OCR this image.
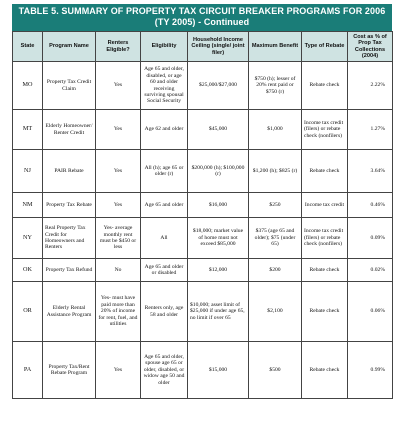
TABLE 5. SUMMARY OF PROPERTY TAX CIRCUIT BREAKER PROGRAMS FOR 2006
(TY 2005) - Continued
State	Program Name	Renters Eligible?	Eligibility	Household Income Ceiling (single/ joint filer)	Maximum Benefit	Type of Rebate	Cost as % of Prop Tax Collections (2004)
MO	Property Tax Credit Claim	Yes	Age 65 and older, disabled, or age 60 and older receiving surviving spousal Social Security	$25,000/$27,000	$750 (h); lesser of 20% rent paid or $750 (r)	Rebate check	2.22%
MT	Elderly Homeowner/ Renter Credit	Yes	Age 62 and older	$45,000	$1,000	Income tax credit (filers) or rebate check (nonfilers)	1.27%
NJ	PAIR Rebate	Yes	All (h); age 65 or older (r)	$200,000 (h); $100,000 (r)	$1,200 (h); $825 (r)	Rebate check	3.64%
NM	Property Tax Rebate	Yes	Age 65 and older	$16,000	$250	Income tax credit	0.46%
NY	Real Property Tax Credit for Homeowners and Renters	Yes- average monthly rent must be $450 or less	All	$18,000; market value of home must not exceed $85,000	$375 (age 65 and older); $75 (under 65)	Income tax credit (filers) or rebate check (nonfilers)	0.09%
OK	Property Tax Refund	No	Age 65 and older or disabled	$12,000	$200	Rebate check	0.02%
OR	Elderly Rental Assistance Program	Yes- must have paid more than 20% of income for rent, fuel, and utilities	Renters only, age 58 and older	$10,000; asset limit of $25,000 if under age 65, no limit if over 65	$2,100	Rebate check	0.06%
PA	Property Tax/Rent Rebate Program	Yes	Age 65 and older, spouse age 65 or older, disabled, or widow age 50 and older	$15,000	$500	Rebate check	0.99%
